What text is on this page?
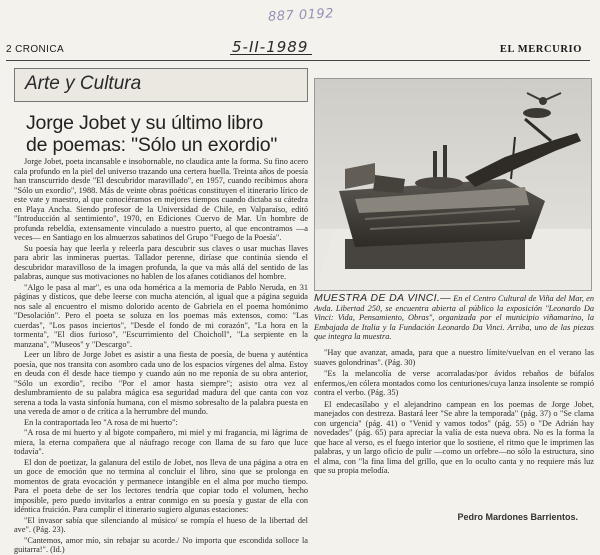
887 0192
2 CRONICA	5-II-1989	EL MERCURIO
Arte y Cultura
Jorge Jobet y su último libro
de poemas: "Sólo un exordio"

Jorge Jobet, poeta incansable e insobornable, no claudica ante la forma. Su fino acero cala profundo en la piel del universo trazando una certera huella. Treinta años de poesía han transcurrido desde "El descubridor maravillado", en 1957, cuando recibimos ahora "Sólo un exordio", 1988. Más de veinte obras poéticas constituyen el itinerario lírico de este vate y maestro, al que conociéramos en mejores tiempos cuando dictaba su cátedra en Playa Ancha. Siendo profesor de la Universidad de Chile, en Valparaíso, editó "Introducción al sentimiento", 1970, en Ediciones Cuervo de Mar. Un hombre de profunda rebeldía, extensamente vinculado a nuestro puerto, al que encontramos —a veces— en Santiago en los almuerzos sabatinos del Grupo "Fuego de la Poesía".

Su poesía hay que leerla y releerla para descubrir sus claves o usar muchas llaves para abrir las inmineras puertas. Tallador perenne, diríase que continúa siendo el descubridor maravilloso de la imagen profunda, la que va más allá del sentido de las palabras, aunque sus motivaciones no hablen de los afanes cotidianos del hombre.

"Algo le pasa al mar", es una oda homérica a la memoria de Pablo Neruda, en 31 páginas y dísticos, que debe leerse con mucha atención, al igual que a página seguida nos sale al encuentro el mismo dolorido acento de Gabriela en el poema homónimo "Desolación". Pero el poeta se soluza en los poemas más extensos, como: "Las cuerdas", "Los pasos inciertos", "Desde el fondo de mi corazón", "La hora en la tormenta", "El dios furioso", "Escurrimiento del Choicholl", "La serpiente en la manzana", "Museos" y "Descargo".

Leer un libro de Jorge Jobet es asistir a una fiesta de poesía, de buena y auténtica poesía, que nos transita con asombro cada uno de los espacios vírgenes del alma. Estoy en deuda con él desde hace tiempo y cuando aún no me reponía de su obra anterior, "Sólo un exordio", recibo "Por el amor hasta siempre"; asisto otra vez al deslumbramiento de su palabra mágica esa seguridad madura del que canta con voz serena a toda la vasta sinfonía humana, con el mismo sobresalto de la palabra puesta en una vereda de amor o de crítica a la herrumbre del mundo.

En la contraportada leo "A rosa de mi huerto":

"A rosa de mi huerto y al bigote compañero, mi miel y mi fragancia, mi lágrima de miera, la eterna compañera que al náufrago recoge con llama de su faro que luce todavía".

El don de poetizar, la galanura del estilo de Jobet, nos lleva de una página a otra en un goce de emoción que no termina al concluir el libro, sino que se prolonga en momentos de grata evocación y permanece intangible en el alma por mucho tiempo. Para el poeta debe de ser los lectores tendría que copiar todo el volumen, hecho imposible, pero puedo invitarlos a entrar conmigo en su poesía y gustar de ella con idéntica fruición. Para cumplir el itinerario sugiero algunas estaciones:

"El invasor sabía que silenciando al músico/ se rompía el hueso de la libertad del ave". (Pág. 23).

"Cantemos, amor mío, sin rebajar su acorde./ No importa que escondida solloce la guitarra!". (Id.)

MUESTRA DE DA VINCI.— En el Centro Cultural de Viña del Mar, en Avda. Libertad 250, se encuentra abierta al público la exposición "Leonardo Da Vinci: Vida, Pensamiento, Obras", organizada por el municipio viñamarino, la Embajada de Italia y la Fundación Leonardo Da Vinci. Arriba, uno de las piezas que integra la muestra.

"Hay que avanzar, amada, para que a nuestro límite/vuelvan en el verano las suaves golondrinas". (Pág. 30)

"Es la melancolía de verse acorraladas/por ávidos rebaños de búfalos enfermos,/en cólera montados como los centuriones/cuya lanza insolente se rompió contra el verbo. (Pág. 35)

El endecasílabo y el alejandrino campean en los poemas de Jorge Jobet, manejados con destreza. Bastará leer "Se abre la temporada" (pág. 37) o "Se clama con urgencia" (pág. 41) o "Venid y vamos todos" (pág. 55) o "De Adrián hay novedades" (pág. 65) para apreciar la valía de esta nueva obra. No es la forma la que hace al verso, es el fuego interior que lo sostiene, el ritmo que le imprimen las palabras, y un largo oficio de pulir —como un orfebre—no sólo la estructura, sino el alma, con "la fina lima del grillo, que en lo oculto canta y no requiere más luz que su propia melodía.

Pedro Mardones Barrientos.
